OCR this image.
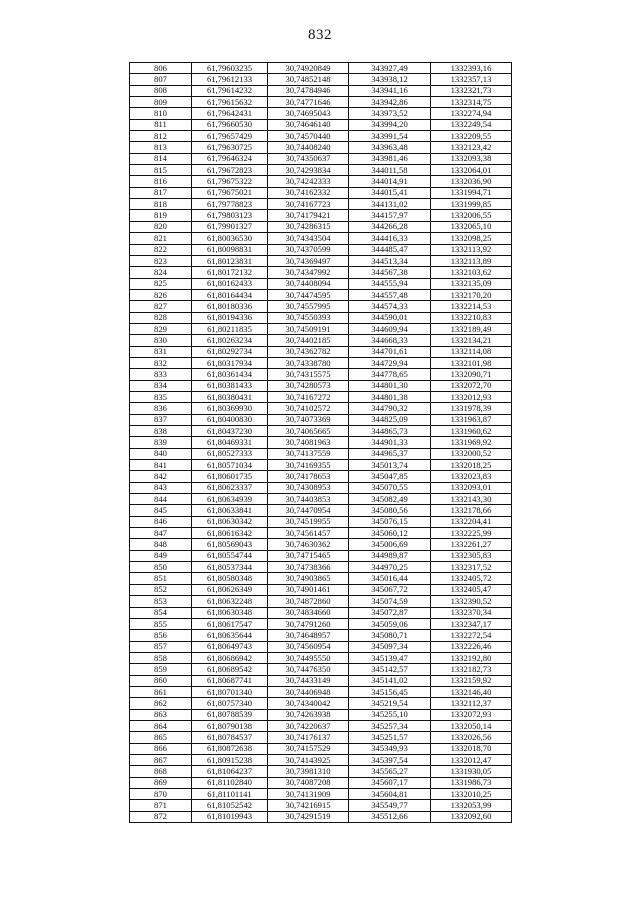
832
806	61,79603235	30,74920849	343927,49	1332393,16
807	61,79612133	30,74852148	343938,12	1332357,13
808	61,79614232	30,74784946	343941,16	1332321,73
809	61,79615632	30,74771646	343942,86	1332314,75
810	61,79642431	30,74695043	343973,52	1332274,94
811	61,79660530	30,74646140	343994,20	1332249,54
812	61,79657429	30,74570440	343991,54	1332209,55
813	61,79630725	30,74408240	343963,48	1332123,42
814	61,79646324	30,74350637	343981,46	1332093,38
815	61,79672823	30,74293834	344011,58	1332064,01
816	61,79675322	30,74242333	344014,91	1332036,90
817	61,79675021	30,74162332	344015,41	1331994,71
818	61,79778823	30,74167723	344131,02	1331999,85
819	61,79803123	30,74179421	344157,97	1332006,55
820	61,79901327	30,74286315	344266,28	1332065,10
821	61,80036530	30,74343504	344416,33	1332098,25
822	61,80098831	30,74370599	344485,47	1332113,92
823	61,80123831	30,74369497	344513,34	1332113,89
824	61,80172132	30,74347992	344567,38	1332103,62
825	61,80162433	30,74408094	344555,94	1332135,09
826	61,80164434	30,74474595	344557,48	1332170,20
827	61,80180336	30,74557995	344574,33	1332214,53
828	61,80194336	30,74550393	344590,01	1332210,83
829	61,80211835	30,74509191	344609,94	1332189,49
830	61,80263234	30,74402185	344668,33	1332134,21
831	61,80292734	30,74362782	344701,61	1332114,08
832	61,80317934	30,74338780	344729,94	1332101,98
833	61,80361434	30,74315575	344778,65	1332090,71
834	61,80381433	30,74280573	344801,30	1332072,70
835	61,80380431	30,74167272	344801,38	1332012,93
836	61,80369930	30,74102572	344790,32	1331978,39
837	61,80400830	30,74073369	344825,09	1331963,87
838	61,80437230	30,74065665	344865,73	1331960,62
839	61,80469331	30,74081963	344901,33	1331969,92
840	61,80527333	30,74137559	344965,37	1332000,52
841	61,80571034	30,74169355	345013,74	1332018,25
842	61,80601735	30,74178653	345047,85	1332023,83
843	61,80623337	30,74308953	345070,55	1332093,01
844	61,80634939	30,74403853	345082,49	1332143,30
845	61,80633841	30,74470954	345080,56	1332178,66
846	61,80630342	30,74519955	345076,15	1332204,41
847	61,80616342	30,74561457	345060,12	1332225,99
848	61,80569043	30,74630362	345006,69	1332261,27
849	61,80554744	30,74715465	344989,87	1332305,83
850	61,80537344	30,74738366	344970,25	1332317,52
851	61,80580348	30,74903865	345016,44	1332405,72
852	61,80626349	30,74901461	345067,72	1332405,47
853	61,80632248	30,74872860	345074,59	1332390,52
854	61,80630348	30,74834660	345072,87	1332370,34
855	61,80617547	30,74791260	345059,06	1332347,17
856	61,80635644	30,74648957	345080,71	1332272,54
857	61,80649743	30,74560954	345097,34	1332226,46
858	61,80686942	30,74495550	345139,47	1332192,80
859	61,80689542	30,74476350	345142,57	1332182,73
860	61,80687741	30,74433149	345141,02	1332159,92
861	61,80701340	30,74406948	345156,45	1332146,40
862	61,80757340	30,74340042	345219,54	1332112,37
863	61,80788539	30,74263938	345255,10	1332072,93
864	61,80790138	30,74220637	345257,34	1332050,14
865	61,80784537	30,74176137	345251,57	1332026,56
866	61,80872638	30,74157529	345349,93	1332018,70
867	61,80915238	30,74143925	345397,54	1332012,47
868	61,81064237	30,73981310	345565,27	1331930,05
869	61,81102840	30,74087208	345607,17	1331986,73
870	61,81101141	30,74131909	345604,81	1332010,25
871	61,81052542	30,74216915	345549,77	1332053,99
872	61,81019943	30,74291519	345512,66	1332092,60
